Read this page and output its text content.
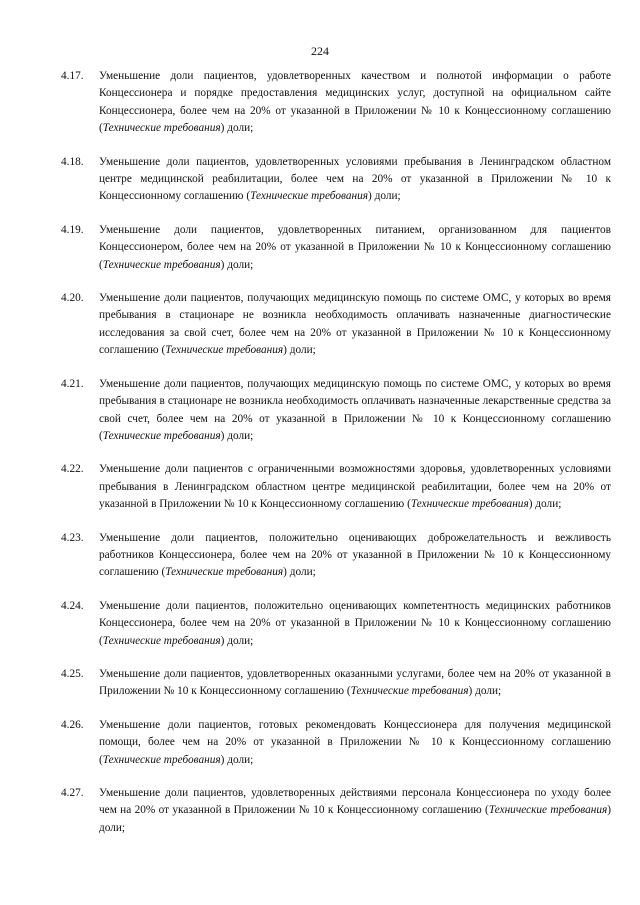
224
4.17.	Уменьшение доли пациентов, удовлетворенных качеством и полнотой информации о работе Концессионера и порядке предоставления медицинских услуг, доступной на официальном сайте Концессионера, более чем на 20% от указанной в Приложении № 10 к Концессионному соглашению (Технические требования) доли;
4.18.	Уменьшение доли пациентов, удовлетворенных условиями пребывания в Ленинградском областном центре медицинской реабилитации, более чем на 20% от указанной в Приложении № 10 к Концессионному соглашению (Технические требования) доли;
4.19.	Уменьшение доли пациентов, удовлетворенных питанием, организованном для пациентов Концессионером, более чем на 20% от указанной в Приложении № 10 к Концессионному соглашению (Технические требования) доли;
4.20.	Уменьшение доли пациентов, получающих медицинскую помощь по системе ОМС, у которых во время пребывания в стационаре не возникла необходимость оплачивать назначенные диагностические исследования за свой счет, более чем на 20% от указанной в Приложении № 10 к Концессионному соглашению (Технические требования) доли;
4.21.	Уменьшение доли пациентов, получающих медицинскую помощь по системе ОМС, у которых во время пребывания в стационаре не возникла необходимость оплачивать назначенные лекарственные средства за свой счет, более чем на 20% от указанной в Приложении № 10 к Концессионному соглашению (Технические требования) доли;
4.22.	Уменьшение доли пациентов с ограниченными возможностями здоровья, удовлетворенных условиями пребывания в Ленинградском областном центре медицинской реабилитации, более чем на 20% от указанной в Приложении № 10 к Концессионному соглашению (Технические требования) доли;
4.23.	Уменьшение доли пациентов, положительно оценивающих доброжелательность и вежливость работников Концессионера, более чем на 20% от указанной в Приложении № 10 к Концессионному соглашению (Технические требования) доли;
4.24.	Уменьшение доли пациентов, положительно оценивающих компетентность медицинских работников Концессионера, более чем на 20% от указанной в Приложении № 10 к Концессионному соглашению (Технические требования) доли;
4.25.	Уменьшение доли пациентов, удовлетворенных оказанными услугами, более чем на 20% от указанной в Приложении № 10 к Концессионному соглашению (Технические требования) доли;
4.26.	Уменьшение доли пациентов, готовых рекомендовать Концессионера для получения медицинской помощи, более чем на 20% от указанной в Приложении № 10 к Концессионному соглашению (Технические требования) доли;
4.27.	Уменьшение доли пациентов, удовлетворенных действиями персонала Концессионера по уходу более чем на 20% от указанной в Приложении № 10 к Концессионному соглашению (Технические требования) доли;
